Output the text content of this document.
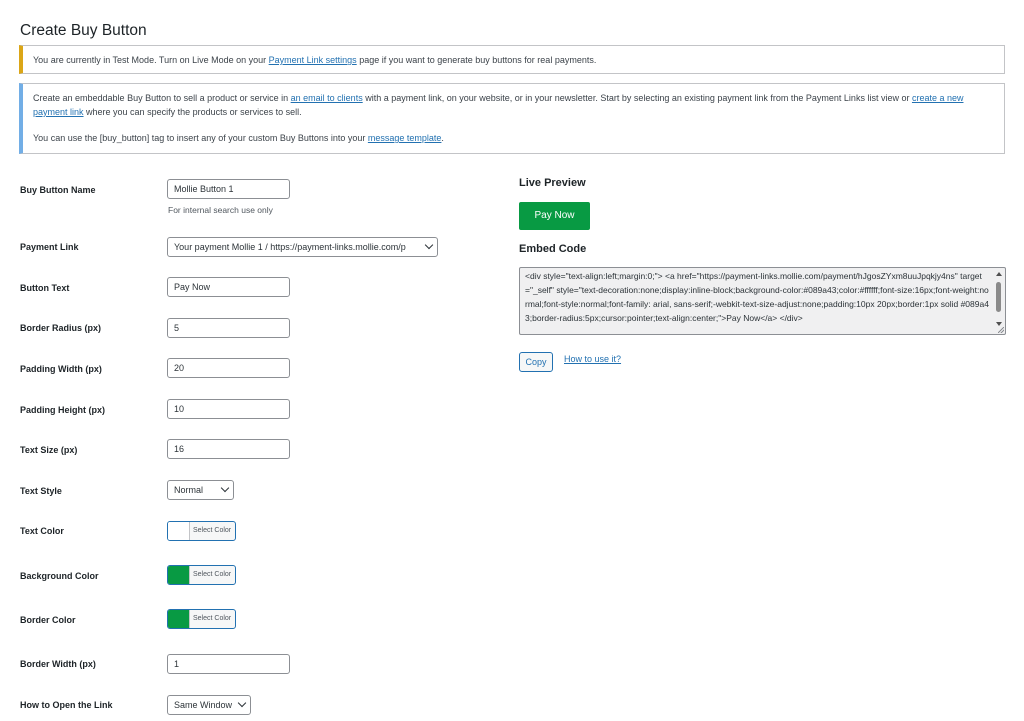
Create Buy Button
You are currently in Test Mode. Turn on Live Mode on your Payment Link settings page if you want to generate buy buttons for real payments.

Create an embeddable Buy Button to sell a product or service in an email to clients with a payment link, on your website, or in your newsletter. Start by selecting an existing payment link from the Payment Links list view or create a new payment link where you can specify the products or services to sell.

You can use the [buy_button] tag to insert any of your custom Buy Buttons into your message template.

Buy Button Name
Payment Link
Button Text
Border Radius (px)
Padding Width (px)
Padding Height (px)
Text Size (px)
Text Style
Text Color
Background Color
Border Color
Border Width (px)
How to Open the Link
Mollie Button 1
For internal search use only
Your payment Mollie 1 / https://payment-links.mollie.com/p
Pay Now
5
20
10
16
Normal
Select Color
Select Color
Select Color
1
Same Window
Live Preview
Pay Now
Embed Code
<div style="text-align:left;margin:0;"> <a href="https://payment-links.mollie.com/payment/hJgosZYxm8uuJpqkjy4ns" target="_self" style="text-decoration:none;display:inline-block;background-color:#089a43;color:#ffffff;font-size:16px;font-weight:normal;font-style:normal;font-family: arial, sans-serif;-webkit-text-size-adjust:none;padding:10px 20px;border:1px solid #089a43;border-radius:5px;cursor:pointer;text-align:center;">Pay Now</a> </div>
Copy	How to use it?
